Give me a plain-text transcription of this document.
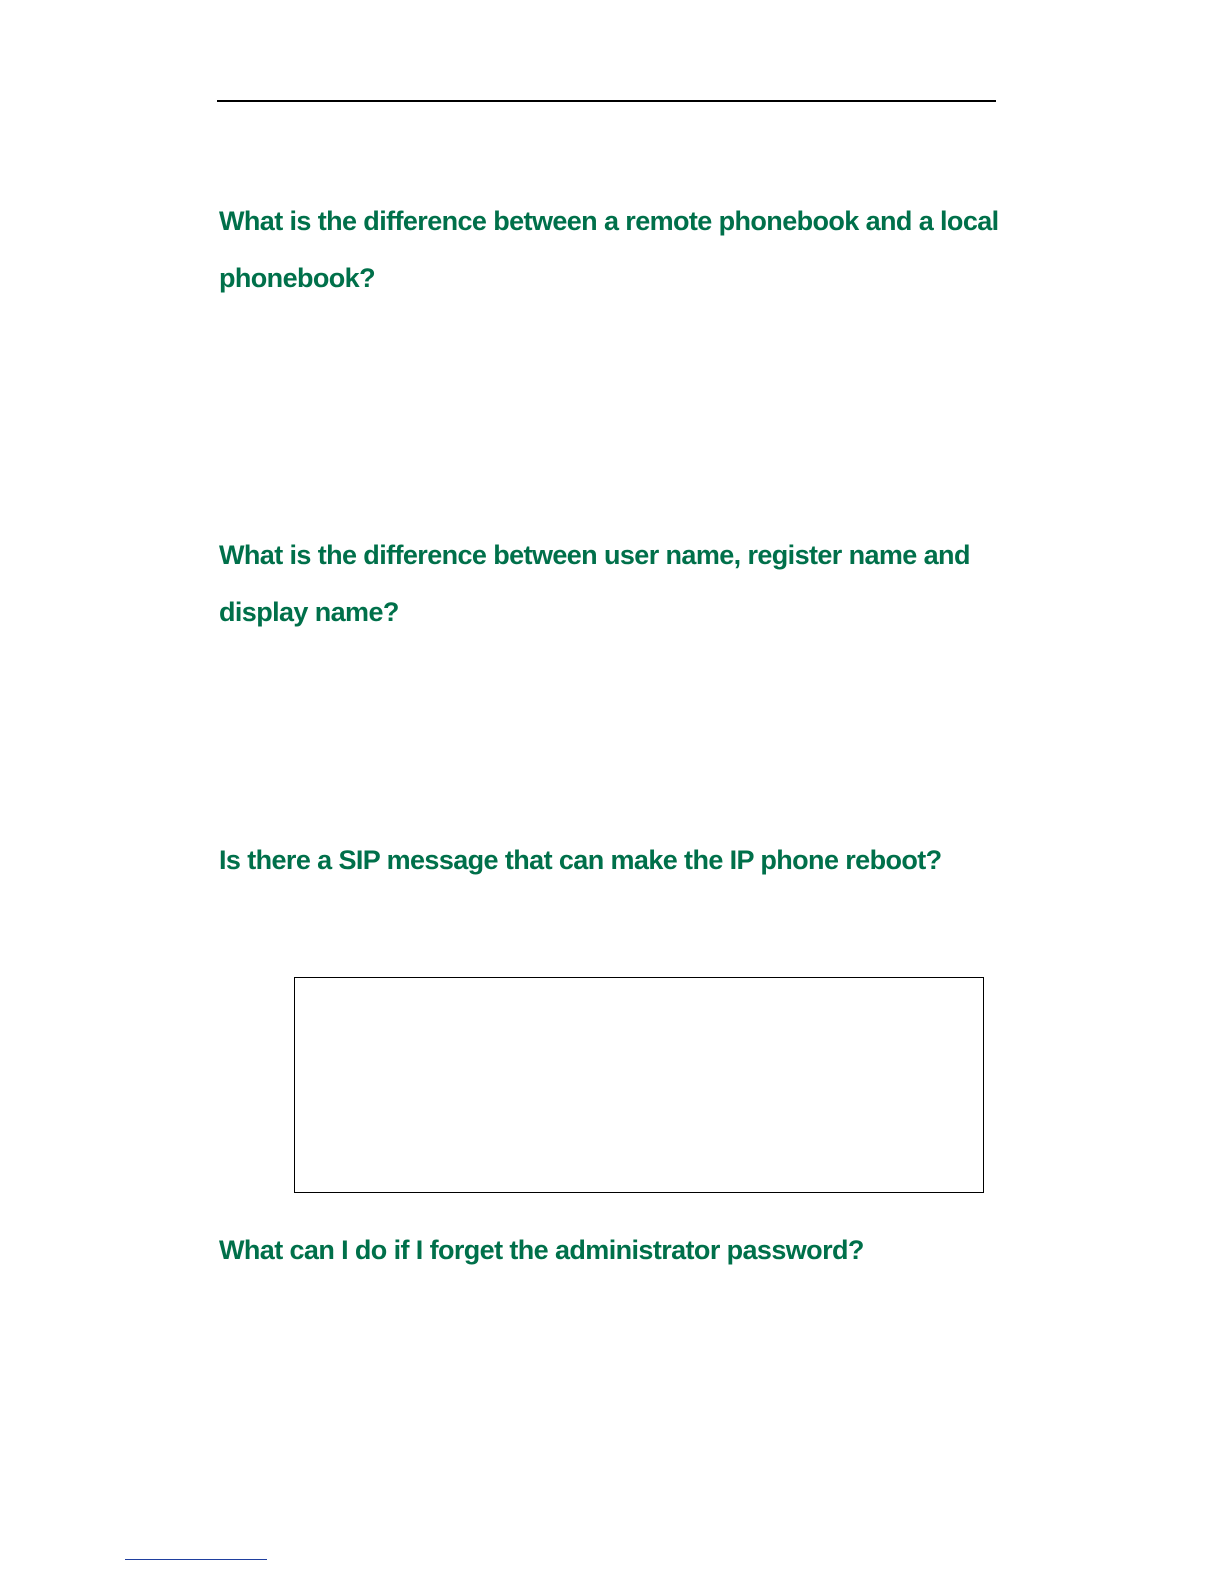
What is the difference between a remote phonebook and a local phonebook?
What is the difference between user name, register name and display name?
Is there a SIP message that can make the IP phone reboot?
What can I do if I forget the administrator password?
